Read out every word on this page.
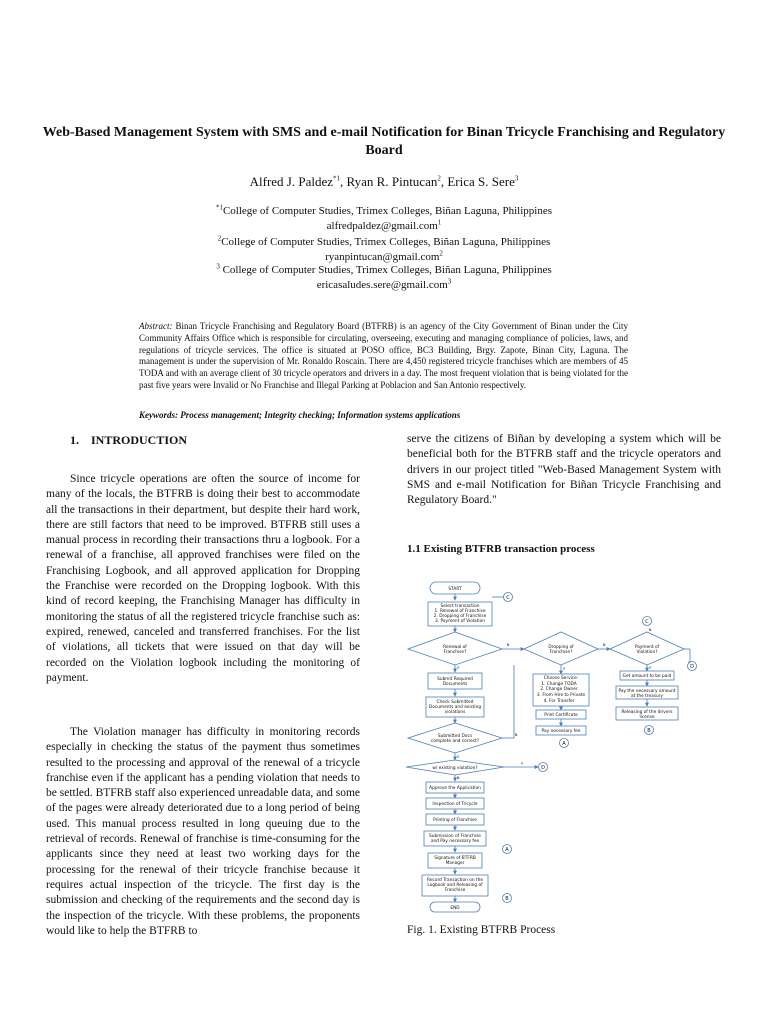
Web-Based Management System with SMS and e-mail Notification for Binan Tricycle Franchising and Regulatory Board
Alfred J. Paldez$^{*1}$, Ryan R. Pintucan$^2$, Erica S. Sere$^3$
$^{*1}$College of Computer Studies, Trimex Colleges, Biñan Laguna, Philippines
alfredpaldez@gmail.com$^1$
$^2$College of Computer Studies, Trimex Colleges, Biñan Laguna, Philippines
ryanpintucan@gmail.com$^2$
$^3$ College of Computer Studies, Trimex Colleges, Biñan Laguna, Philippines
ericasaludes.sere@gmail.com$^3$
Abstract: Binan Tricycle Franchising and Regulatory Board (BTFRB) is an agency of the City Government of Binan under the City Community Affairs Office which is responsible for circulating, overseeing, executing and managing compliance of policies, laws, and regulations of tricycle services. The office is situated at POSO office, BC3 Building, Brgy. Zapote, Binan City, Laguna. The management is under the supervision of Mr. Ronaldo Roscain. There are 4,450 registered tricycle franchises which are members of 45 TODA and with an average client of 30 tricycle operators and drivers in a day. The most frequent violation that is being violated for the past five years were Invalid or No Franchise and Illegal Parking at Poblacion and San Antonio respectively.
Keywords: Process management; Integrity checking; Information systems applications
1.    INTRODUCTION
Since tricycle operations are often the source of income for many of the locals, the BTFRB is doing their best to accommodate all the transactions in their department, but despite their hard work, there are still factors that need to be improved. BTFRB still uses a manual process in recording their transactions thru a logbook. For a renewal of a franchise, all approved franchises were filed on the Franchising Logbook, and all approved application for Dropping the Franchise were recorded on the Dropping logbook. With this kind of record keeping, the Franchising Manager has difficulty in monitoring the status of all the registered tricycle franchise such as: expired, renewed, canceled and transferred franchises. For the list of violations, all tickets that were issued on that day will be recorded on the Violation logbook including the monitoring of payment.
The Violation manager has difficulty in monitoring records especially in checking the status of the payment thus sometimes resulted to the processing and approval of the renewal of a tricycle franchise even if the applicant has a pending violation that needs to be settled. BTFRB staff also experienced unreadable data, and some of the pages were already deteriorated due to a long period of being used. This manual process resulted in long queuing due to the retrieval of records. Renewal of franchise is time-consuming for the applicants since they need at least two working days for the processing for the renewal of their tricycle franchise because it requires actual inspection of the tricycle. The first day is the submission and checking of the requirements and the second day is the inspection of the tricycle. With these problems, the proponents would like to help the BTFRB to
serve the citizens of Biñan by developing a system which will be beneficial both for the BTFRB staff and the tricycle operators and drivers in our project titled "Web-Based Management System with SMS and e-mail Notification for Biñan Tricycle Franchising and Regulatory Board."
1.1 Existing BTFRB transaction process
START
Select transaction
1. Renewal of Franchise
2. Dropping of Franchise
3. Payment of Violation
Renewal of
Franchise?
Dropping of
Franchise?
Payment of
Violation?
Submit Required
Documents
Check Submitted
Documents and existing
violations
Submitted Docs
complete and correct?
w/ existing violation?
Approve the Application
Inspection of Tricycle
Printing of Franchise
Submission of Franchise
and Pay necessary fee
Signature of BTFRB
Manager
Record Transaction on the
Logbook and Releasing of
Franchise
END
Choose Service:
1. Change TODA
2. Change Owner
3. From Hire to Private
4. For Transfer
Print Certificate
Pay necessary fee
Get amount to be paid
Pay the necessary amount
at the treasury
Releasing of the drivers
license
C
C
D
D
A
B
A
B
N	N
Y	Y
N
Y
N
Y
Y
N
Fig. 1. Existing BTFRB Process
